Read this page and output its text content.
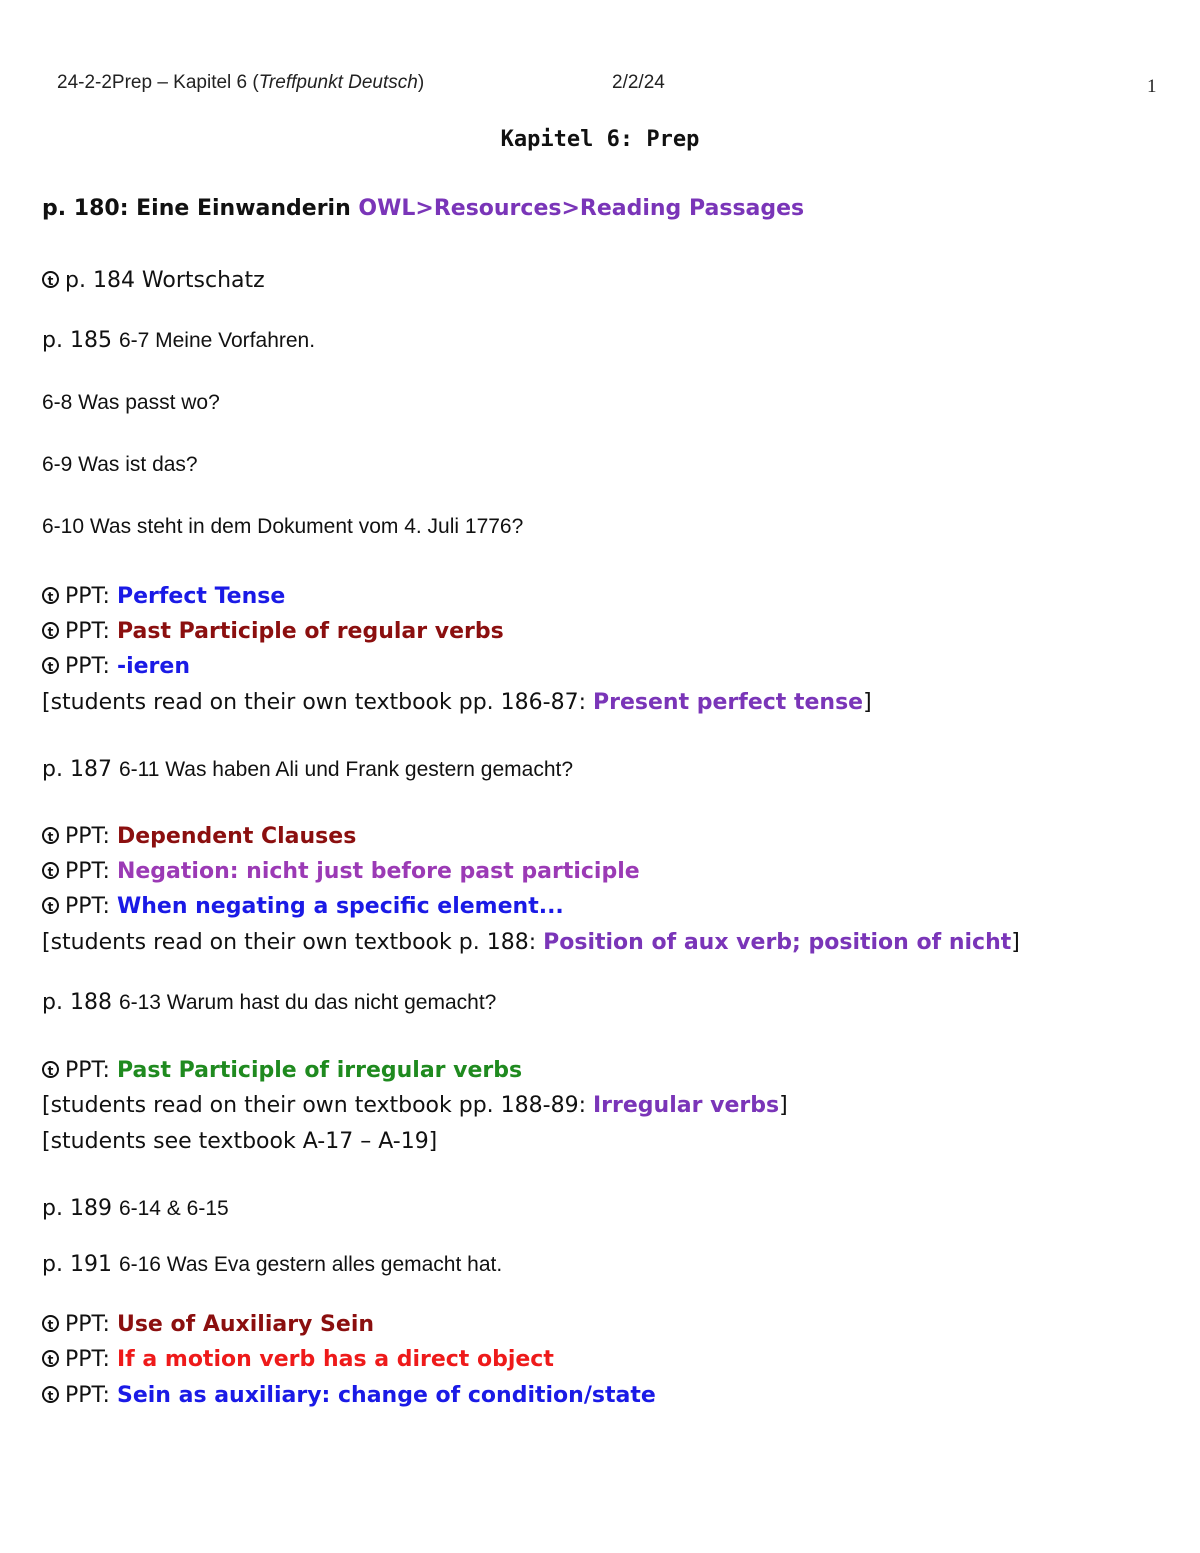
24-2-2Prep – Kapitel 6 (Treffpunkt Deutsch)	2/2/24	1
Kapitel 6: Prep
p. 180: Eine Einwanderin OWL>Resources>Reading Passages
t p. 184 Wortschatz
p. 185 6-7 Meine Vorfahren.
6-8 Was passt wo?
6-9 Was ist das?
6-10 Was steht in dem Dokument vom 4. Juli 1776?
t PPT: Perfect Tense
t PPT: Past Participle of regular verbs
t PPT: -ieren
[students read on their own textbook pp. 186-87: Present perfect tense]
p. 187 6-11 Was haben Ali und Frank gestern gemacht?
t PPT: Dependent Clauses
t PPT: Negation: nicht just before past participle
t PPT: When negating a specific element...
[students read on their own textbook p. 188: Position of aux verb; position of nicht]
p. 188 6-13 Warum hast du das nicht gemacht?
t PPT: Past Participle of irregular verbs
[students read on their own textbook pp. 188-89: Irregular verbs]
[students see textbook A-17 – A-19]
p. 189 6-14 & 6-15
p. 191 6-16 Was Eva gestern alles gemacht hat.
t PPT: Use of Auxiliary Sein
t PPT: If a motion verb has a direct object
t PPT: Sein as auxiliary: change of condition/state
